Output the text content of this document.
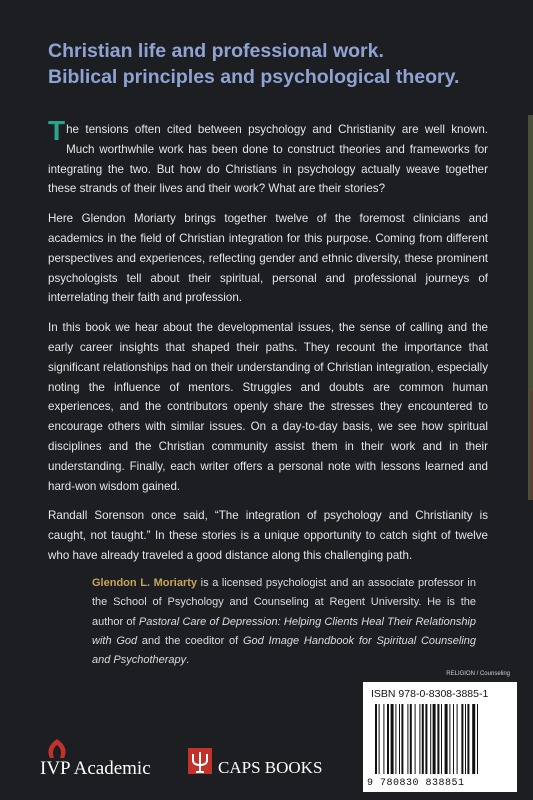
Christian life and professional work.
Biblical principles and psychological theory.

The tensions often cited between psychology and Christianity are well known. Much worthwhile work has been done to construct theories and frameworks for integrating the two. But how do Christians in psychology actually weave together these strands of their lives and their work? What are their stories?

Here Glendon Moriarty brings together twelve of the foremost clinicians and academics in the field of Christian integration for this purpose. Coming from different perspectives and experiences, reflecting gender and ethnic diversity, these prominent psychologists tell about their spiritual, personal and professional journeys of interrelating their faith and profession.

In this book we hear about the developmental issues, the sense of calling and the early career insights that shaped their paths. They recount the importance that significant relationships had on their understanding of Christian integration, especially noting the influence of mentors. Struggles and doubts are common human experiences, and the contributors openly share the stresses they encountered to encourage others with similar issues. On a day-to-day basis, we see how spiritual disciplines and the Christian community assist them in their work and in their understanding. Finally, each writer offers a personal note with lessons learned and hard-won wisdom gained.

Randall Sorenson once said, “The integration of psychology and Christianity is caught, not taught.” In these stories is a unique opportunity to catch sight of twelve who have already traveled a good distance along this challenging path.

Glendon L. Moriarty is a licensed psychologist and an associate professor in the School of Psychology and Counseling at Regent University. He is the author of Pastoral Care of Depression: Helping Clients Heal Their Relationship with God and the coeditor of God Image Handbook for Spiritual Counseling and Psychotherapy.
RELIGION / Counseling
ISBN 978-0-8308-3885-1
9 780830 838851
IVP Academic	CAPS BOOKS
